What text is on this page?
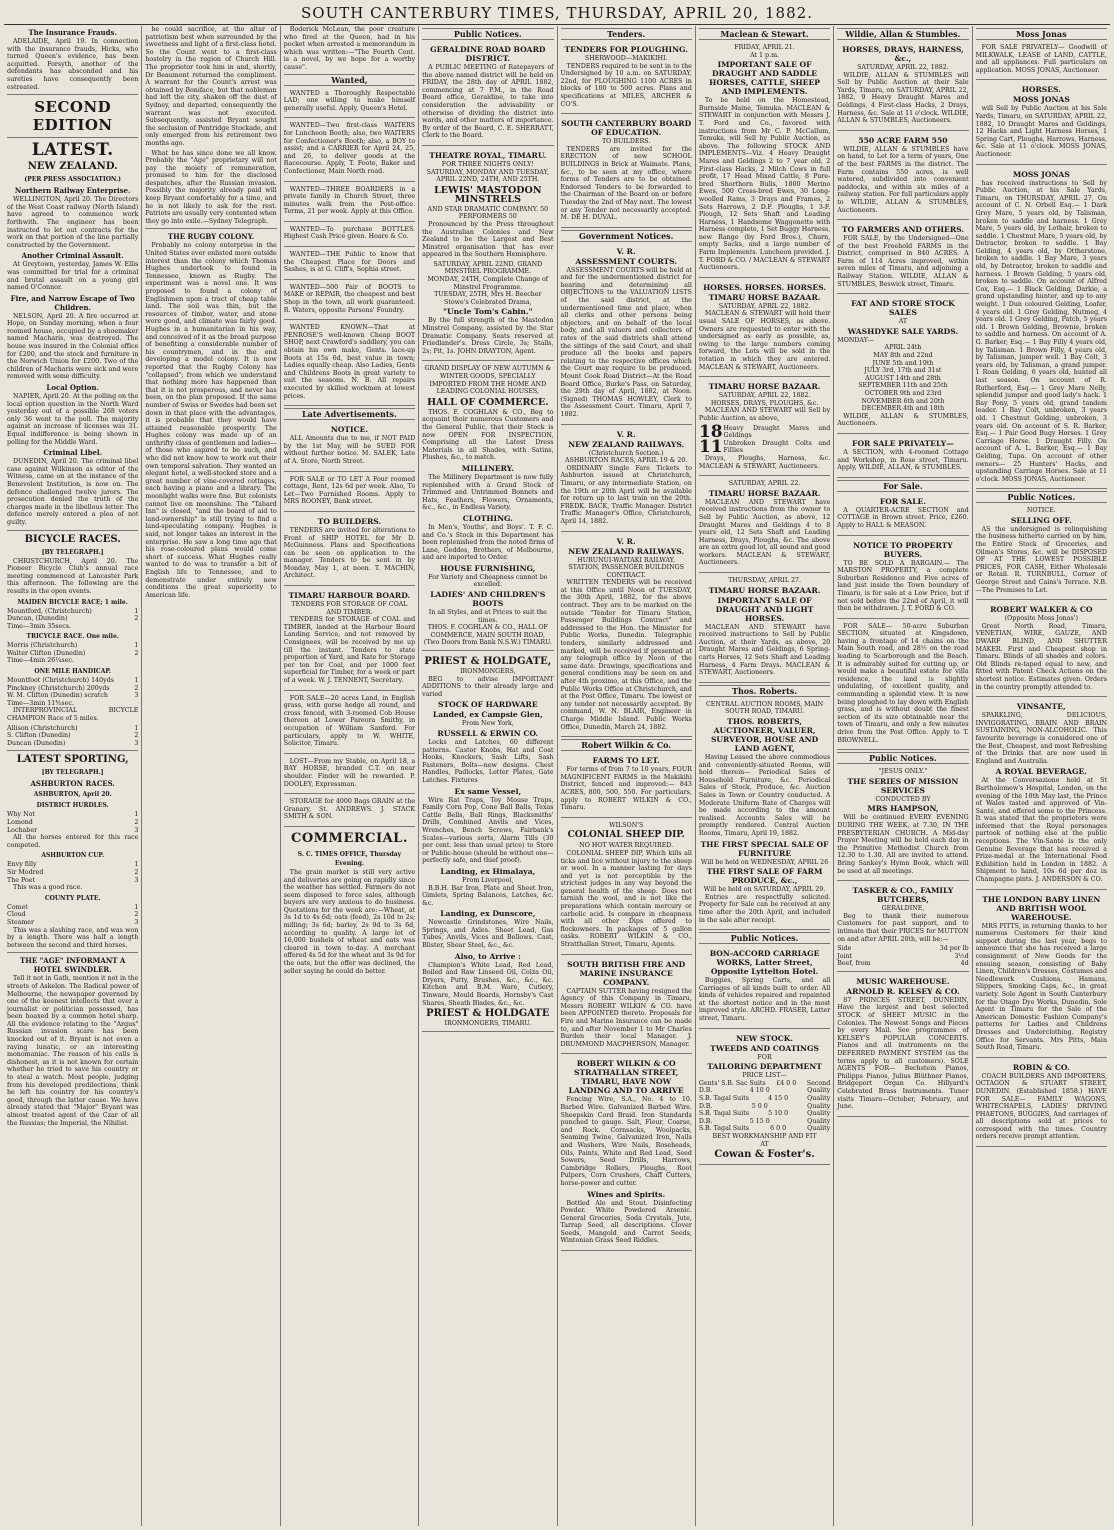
SOUTH CANTERBURY TIMES, THURSDAY, APRIL 20, 1882.
The Insurance Frauds.

ADELAIDE, April 19. In connection with the insurance frauds, Hicks, who turned Queen's evidence, has been acquitted. Forsyth, another of the defendants has absconded and his sureties have consequently been estreated.

SECOND EDITION
LATEST.
NEW ZEALAND.
(PER PRESS ASSOCIATION.)
Northern Railway Enterprise.

WELLINGTON, April 20. The Directors of the West Coast railway (North Island) have agreed to commence work forthwith. The engineer has been instructed to let out contracts for the work on that portion of the line partially constructed by the Government.

Another Criminal Assault.

At Greytown, yesterday, James W. Ellis was committed for trial for a criminal and brutal assault on a young girl named O'Connor.

Fire, and Narrow Escape of Two Children.

NELSON, April 20. A fire occurred at Hope, on Sunday morning, when a four roomed house, occupied by a shoemaker named Macharis, was destroyed. The house was insured in the Colonial office for £200, and the stock and furniture in the Norwich Union for £200. Two of the children of Macharis were sick and were removed with some difficulty.

Local Option.

NAPIER, April 20. At the polling on the local option question in the North Ward yesterday out of a possible 268 voters only 36 went to the poll. The majority against an increase of licenses was 31. Equal indifference is being shown in polling for the Middle Ward.

Criminal Libel.

DUNEDIN, April 20. The criminal libel case against Wilkinson as editor of the Witness, came on at the instance of the Benevolent Institution, is now on. The defence challenged twelve jurors. The prosecution denied the truth of the charges made in the libellous letter. The defence merely entered a plea of not guilty.

BICYCLE RACES.
[BY TELEGRAPH.]

CHRISTCHURCH, April 20. The Pioneer Bicycle Club's annual race meeting commenced at Lancaster Park this afternoon. The following are the results in the open events.

MAIDEN BICYCLE RACE; 1 mile.
Mountford, (Christchurch)	1
Duncan, (Dunedin)	2
Time—3min 35secs.
TRICYCLE RACE. One mile.
Morris (Christchurch)	1
Walter Clifton (Dunedin)	2
Time—4min 26¼sec.
ONE MILE HANDICAP.
Mountfoot (Christchurch) 140yds	1
Pinckney (Christchurch) 200yds	2
W. M. Clifton (Dunedin) scratch	3
Time—3min 11⅘sec.

INTERPROVINCIAL BICYCLE CHAMPION Race of 5 miles.

Allison (Christchurch)	1
S. Clifton (Dunedin)	2
Duncan (Dunedin)	3
LATEST SPORTING,
[BY TELEGRAPH.]
ASHBURTON RACES.
ASHBURTON, April 20.
DISTRICT HURDLES.
Why Not	1
Lomond	2
Lochaber	3

All the horses entered for this race competed.

ASHBURTON CUP.
Envy filly	1
Sir Modred	2
The Poet	3

This was a good race.

COUNTY PLATE.
Comet	1
Cloud	2
Steamer	3

This was a slashing race, and was won by a length. There was half a length between the second and third horses.

THE "AGE" INFORMANT A HOTEL SWINDLER.

Tell it not in Gath, mention it not in the streets of Askelon. The Radical power of Melbourne, the newspaper governed by one of the keenest intellects that ever a journalist or politician possessed, has been hoaxed by a common hotel sharp. All the evidence relating to the "Argus" Russian invasion scare has been knocked out of it. Bryant is not even a raving lunatic, or an interesting monomaniac. The reason of his calls is dishonest, as it is not known for certain whether he tried to save his country or to steal a watch. Most people, judging from his developed predilections, think he left his country for his country's good, through the latter cause. We have already stated that "Major" Bryant was almost treated agent of the Czar of all the Russias; the Imperial, the Nihilist.

he could sacrifice, at the altar of patriotism best when surrounded by the sweetness and light of a first-class hotel. So the Count went to a first-class hostelry in the region of Church Hill. The proprietor took him in and, shortly, Dr Beaumont returned the compliment. A warrant for the Count's arrest was obtained by Boniface, but that nobleman had left the city, shaken off the dust of Sydney, and departed, consequently the warrant was not executed. Subsequently, assisted Bryant sought the seclusion of Pentridge Stockade, and only emerged from his retirement two months ago.

What he has since done we all know. Probably the "Age" proprietary will not pay the moiety of remuneration, promised to him for the disclosed despatches, after the Russian invasion. Possibly the majority already paid will keep Bryant comfortably for a time, and he is not likely to ask for the rest. Patriots are usually very contented when they go into exile.—Sydney Telegraph.

THE RUGBY COLONY.

Probably no colony enterprise in the United States ever enlisted more outside interest than the colony which Thomas Hughes undertook to found in Tennessee, known as Rugby. The experiment was a novel one. It was proposed to found a colony of Englishmen upon a tract of cheap table land. The soil was thin, but the resources of timber, water, and stone were good, and climate was fairly good. Hughes in a humanitarian in his way, and conceived of it as the broad purpose of benefiting a considerable number of his countrymen, and in the end developing a model colony. It is now reported that the Rugby Colony has "collapsed"; from which we understand that nothing more has happened than that it is not prosperous, and never has been, on the plan proposed. If the same number of Swiss or Swedes had been set down in that place with the advantages, it is probable that they would have attained reasonable prosperity. The Hughes colony was made up of an unthrifty class of gentlemen and ladies—of those who aspired to be such, and who did not know how to work out their own temporal salvation. They wanted an elegant hotel, a well-stocked store and a great number of vine-covered cottages, each having a piano and a library. The moonlight walks were fine. But colonists cannot live on moonshine. The "Tabard Inn" is closed, "and the board of aid to land-ownership" is still trying to find a land-speculating company. Hughes is said, not longer takes an interest in the enterprise. He saw a long time ago that his rose-coloured plans would come short of success. What Hughes really wanted to do was to transfer a bit of English life to Tennessee, and to demonstrate under entirely new conditions the great superiority to American life.

Roderick McLean, the poor creature who fired at the Queen, had in his pocket when arrested a memorandum in which was written:—"The Fourth Cent. is a novel, by we hope for a worthy cause".

Wanted,

WANTED a Thoroughly Respectable LAD; one willing to make himself generally useful. Apply, Queen's Hotel.

WANTED—Two first-class WAITERS for Luncheon Booth; also, two WAITERS for Confectioner's Booth; also, a BOY to assist; and a CARRIER for April 24, 25, and 26, to deliver goods at the Racecourse. Apply, T. Foote, Baker and Confectioner, Main North road.

WANTED—THREE BOARDERS in a private family in Church Street, three minutes walk from the Post-office. Terms, 21 per week. Apply at this Office.

WANTED—To purchase BOTTLES. Highest Cash Price given. Hoare & Co.

WANTED—THE Public to know that the Cheapest Place for Doors and Sashes, is at G. Cliff's, Sophia street.

WANTED—500 Pair of BOOTS to MAKE or REPAIR, the cheapest and best Shop in the town, all work guaranteed. R. Waters, opposite Parsons' Foundry.

WANTED KNOWN—That at PENROSE'S well-known Cheap BOOT SHOP, next Crawford's saddlery, you can obtain his own make, Gents. lace-up Boots at 15s 6d, best value in town; Ladies equally cheap. Also Ladies, Gents and Childrens Boots in great variety to suit the seasons. N. B. All repairs executed by skilled workmen at lowest prices.

Late Advertisements.
NOTICE.

ALL Amounts due to me, if NOT PAID by the 1st May, will be SUED FOR without further notice. M. SALEK, Late of A. Store, North Street.

FOR SALE or TO LET A Four roomed cottage, Rent, 12s 6d per week. Also, To Let—Two Furnished Rooms. Apply to MRS ROONEY, Bank street.

TO BUILDERS.

TENDERS are invited for alterations to Front of SHIP HOTEL for Mr D. McGuinness. Plans and Specifications can be seen on application to the manager. Tenders to be sent in by Monday, May 1, at noon. T. MACHIN, Architect.

TIMARU HARBOUR BOARD.
TENDERS FOR STORAGE OF COAL AND TIMBER.

TENDERS for STORAGE of COAL and TIMBER, landed at the Harbour Board Landing Service, and not removed by Consignees, will be received by me up till the instant. Tenders to state proportion of Yard, and Rate for Storage per ton for Coal, and per 1000 feet superficial for Timber, for a week or part of a week. W. J. TENNENT, Secretary.

FOR SALE—20 acres Land, in English grass, with gorse hedge all round, and cross fenced, with 3-roomed Cob House thereon at Lower Pareora Smithy, in occupation of William Sanford. For particulars, apply to W. WHITE, Solicitor, Timaru.

LOST—From my Stable, on April 18, a BAY HORSE, branded C.T. on near shoulder. Finder will be rewarded. P. DOOLEY, Expressman.

STORAGE for 4000 Bags GRAIN at the Granary, St. ANDREWS. J. STACK SMITH & SON.

COMMERCIAL.
S. C. TIMES OFFICE, Thursday Evening.

The grain market is still very active and deliveries are going on rapidly since the weather has settled. Farmers do not seem disposed to force sales, although buyers are very anxious to do business. Quotations for the week are:—Wheat, at 3s 1d to 4s 6d; oats (feed), 2s 10d to 2s; milling; 3s 6d; barley, 2s 9d to 3s 6d, according to quality. A large lot of 16,000 bushels of wheat and oats was cleared in town to-day. A merchant offered 4s 5d for the wheat and 3s 9d for the oats, but the offer was declined, the seller saying he could do better.

Public Notices.
GERALDINE ROAD BOARD DISTRICT.

A PUBLIC MEETING of Ratepayers of the above named district will be held on FRIDAY, the 28th day of APRIL 1882, commencing at 7 P.M., in the Road Board office, Geraldine, to take into consideration the advisability or otherwise of dividing the district into wards, and other matters of importance. By order of the Board, C. E. SHERRATT, Clerk to the Board.

THEATRE ROYAL, TIMARU.
FOR THREE NIGHTS ONLY! SATURDAY, MONDAY AND TUESDAY, APRIL 22ND, 24TH, AND 25TH.
LEWIS' MASTODON MINSTRELS
AND STAR DRAMATIC COMPANY. 50 PERFORMERS 50

Pronounced by the Press throughout the Australian Colonies and New Zealand to be the Largest and Best Minstrel organisation that has ever appeared in the Southern Hemisphere.

SATURDAY, APRIL 22ND, GRAND MINSTREL PROGRAMME.
MONDAY, 24TH, Complete Change of Minstrel Programme.
TUESDAY, 25TH, Mrs H. Beecher Stowe's Celebrated Drama,
"Uncle Tom's Cabin."

By the full strength of the Mastodon Minstrel Company, assisted by the Star Dramatic Company. Seats reserved at Friedlander's. Dress Circle, 3s; Stalls, 2s; Pit, 1s. JOHN DRAYTON, Agent.

GRAND DISPLAY OF NEW AUTUMN & WINTER GOODS, SPECIALLY IMPORTED FROM THE HOME AND LEADING COLONIAL HOUSES,
HALL OF COMMERCE.

THOS. F. COGHLAN & CO., Beg to acquaint their numerous Customers and the General Public, that their Stock is now OPEN FOR INSPECTION, Comprising all the Latest Dress Materials in all Shades, with Satins, Plushes, &c., to match.

MILLINERY.

The Millinery Department is now fully replenished with a Grand Stock of Trimmed and Untrimmed Bonnets and Hats, Feathers, Flowers, Ornaments, &c., &c., in Endless Variety.

CLOTHING.

In Men's, Youths', and Boys'. T. F. C. and Co.'s Stock in this Department has been replenished from the noted firms of Lane, Geddes, Brothers, of Melbourne, and are imported to Order.

HOUSE FURNISHING,
For Variety and Cheapness cannot be excelled.
LADIES' AND CHILDREN'S BOOTS
In all Styles, and at Prices to suit the times.
THOS. F. COGHLAN & CO., HALL OF COMMERCE, MAIN SOUTH ROAD, (Two Doors from Bank N.S.W.) TIMARU.
PRIEST & HOLDGATE,
IRONMONGERS,

BEG to advise IMPORTANT ADDITIONS to their already large and varied

STOCK OF HARDWARE
Landed, ex Campsie Glen,
From New York,
RUSSELL & ERWIN CO.

Locks and Latches, 60 different patterns. Castor Knobs, Hat and Coat Hooks, Knockers, Sash Lifts, Sash Fasteners, Bolts—new designs. Chest Handles, Padlocks, Letter Plates, Gate Latches. Fixtures

Ex same Vessel,

Wire Rat Traps, Toy Mouse Traps, Family Corn Pop, Cone Ball Balls, Texas Cattle Bells, Ball Rings, Blacksmiths' Drills, Combined Anvils and Vices, Wrenches, Bench Screws, Fairbank's Scales—various sorts, Alarm Tills (30 per cent. less than usual price) to Store or Public-house (should be without one—perfectly safe, and thief proof).

Landing, ex Himalaya,
From Liverpool,

B.B.H. Bar Iron, Plate and Sheet Iron, Gimlets, Spring Balances, Latches, &c. &c.

Landing, ex Dunscore,

Newcastle Grindstones, Wire Nails, Springs, and Axles. Sheet Lead, Gas Tubes, Anvils, Vices and Bellows. Cast, Blister, Shear Steel, &c., &c.

Also, to Arrive :

Champion's White Lead, Red Lead, Boiled and Raw Linseed Oil, Colza Oil, Dryers, Putty, Brushes, &c., &c., &c. Kitchen and B.M. Ware, Cutlery, Tinware, Mould Boards, Hornsby's Cast Shares, Sheath Blades, &c., &c.

PRIEST & HOLDGATE
IRONMONGERS, TIMARU.
Tenders.
TENDERS FOR PLOUGHING.
SHERWOOD—MAKIKIHI.

TENDERS required to be sent in to the Undersigned by 10 a.m. on SATURDAY, 22nd, for PLOUGHING 1100 ACRES in blocks of 100 to 500 acres. Plans and specifications at MILES, ARCHER & CO'S.

SOUTH CANTERBURY BOARD OF EDUCATION.
TO BUILDERS.

TENDERS are invited for the ERECTION of new SCHOOL BUILDINGS in Brick at Waimate. Plans, &c., to be seen at my office, where forms of Tenders are to be obtained. Endorsed Tenders to be forwarded to the Chairman of the Board on or before Tuesday the 2nd of May next. The lowest or any Tender not necessarily accepted. M. DE H. DUVAL.

Government Notices.
V. R.
ASSESSMENT COURTS.

ASSESSMENT COURTS will be held at and for the undermentioned district for hearing and determining all OBJECTIONS to the VALUATION LISTS of the said district, at the undermentioned time and place, when all clerks and other persons being objectors, and on behalf of the local body, and all valuers and collectors of rates of the said districts shall attend the sittings of the said Court, and shall produce all the books and papers relating to the respective offices which the Court may require to be produced. Mount Cook Road District—At the Road Board Office, Burke's Pass, on Saturday, the 29th day of April, 1882, at Noon. (Signed) THOMAS HOWLEY, Clerk to the Assessment Court. Timaru, April 7, 1882.

V. R.
NEW ZEALAND RAILWAYS.
(Christchurch Section.)
ASHBURTON RACES, APRIL 19 & 20.

ORDINARY Single Fare Tickets to Ashburton issued at Christchurch, Timaru, or any intermediate Station, on the 19th or 20th April will be available for return up to last train on the 20th. FREDK. BACK, Traffic Manager. District Traffic Manager's Office, Christchurch, April 14, 1882.

V. R.
NEW ZEALAND RAILWAYS.
HURUNUI-WAITAKI RAILWAY.
STATION, PASSENGER BUILDINGS CONTRACT.

WRITTEN TENDERS will be received at this Office until Noon of TUESDAY, the 30th April, 1882, for the above contract. They are to be marked on the outside "Tender for Timaru Station, Passenger Buildings Contract" and addressed to the Hon. the Minister for Public Works, Dunedin. Telegraphic tenders, similarly addressed and marked, will be received if presented at any telegraph office by Noon of the same date. Drawings, specifications and general conditions may be seen on and after 4th proximo, at this Office, and the Public Works Office at Christchurch, and at the Post Office, Timaru. The lowest or any tender not necessarily accepted. By command, W. N. BLAIR, Engineer in Charge Middle Island. Public Works Office, Dunedin, March 24, 1882.

Robert Wilkin & Co.
FARMS TO LET.

For terms of from 7 to 10 years, FOUR MAGNIFICENT FARMS in the Makikihi District, fenced and improved:— 843 ACRES, 800, 500, 550. For particulars, apply to ROBERT WILKIN & CO., Timaru.

WILSON'S
COLONIAL SHEEP DIP.
NO HOT WATER REQUIRED.

COLONIAL SHEEP DIP, Which kills all ticks and lice without injury to the sheep or wool. In a manner lasting for days and yet is not perceptible by the strictest judges in any way beyond the general health of the sheep. Does not tarnish the wool, and is not like the preparations which contain mercury or carbolic acid. Is compare in cheapness with all other Dips offered to flockowners. In packages of 5 gallon casks. ROBERT WILKIN & CO., Stratthallan Street, Timaru, Agents.

SOUTH BRITISH FIRE AND MARINE INSURANCE COMPANY.

CAPTAIN SUTTER having resigned the Agency of this Company in Timaru, Messrs ROBERT WILKIN & CO. have been APPOINTED thereto. Proposals for Fire and Marine Insurance can be made to, and after November 1 to Mr Charles Burden their local Manager. J. DRUMMOND MACPHERSON, Manager.

ROBERT WILKIN & CO STRATHALLAN STREET, TIMARU, HAVE NOW LANDING AND TO ARRIVE

Fencing Wire, S.A., No. 4 to 10. Barbed Wire. Galvanized Barbed Wire. Sheepskin Cord Braid. Iron Standards punched to gauge. Salt, Flour, Coarse, and Rock. Cornsacks, Woolpacks, Seaming Twine, Galvanized Iron, Nails and Washers, Wire Nails, Roseheads, Oils, Paints, White and Red Lead, Seed Sowers, Seed Drills, Harrows, Cambridge Rollers, Ploughs, Root Pulpers, Corn Crushers, Chaff Cutters, horse-power and cutter.

Wines and Spirits.

Bottled Ale and Stout. Disinfecting Powder. White Powdered Arsenic. General Groceries, Soda Crystals, Jute, Tarrap Seed, all descriptions. Clover Seeds, Mangold and Carrot Seeds, Wintonian Grass Seed Riddles.

Maclean & Stewart.
FRIDAY, APRIL 21.
At 1 p.m.
IMPORTANT SALE OF DRAUGHT AND SADDLE HORSES, CATTLE, SHEEP AND IMPLEMENTS.

To be held on the Homestead, Burnside Maine, Temuka. MACLEAN & STEWART in conjunction with Messrs J. T. Ford and Co., favored with instructions from Mr C. P. McCallum, Temuka, will Sell by Public Auction, as above. The following STOCK AND IMPLEMENTS—Viz. 4 Heavy Draught Mares and Geldings 2 to 7 year old, 2 First-class Hacks, 2 Milch Cows in full profit, 17 Head Mixed Cattle, 8 Pure-bred Shorthorn Bulls, 1800 Merino Ewes, 500 Cross-bred Ewes, 30 Long-woolled Rams, 3 Drays and Frames, 2 Sets Harrows, 2 D.F. Ploughs, 1 3-F. Plough, 12 Sets Shaft and Leading Harness, 1 Handsome Waggonette with Harness complete, 1 Set Buggy Harness, new Range (by Ford Bros.), Churn, empty Sacks, and a large number of Farm Implements. Luncheon provided. J. T. FORD & CO. / MACLEAN & STEWART Auctioneers.

HORSES. HORSES. HORSES.
TIMARU HORSE BAZAAR.
SATURDAY, APRIL 22, 1882.

MACLEAN & STEWART will hold their usual SALE OF HORSES, as above. Owners are requested to enter with the undersigned as early as possible, as, owing to the large numbers coming forward, the Lots will be sold in the rotation in which they are entered. MACLEAN & STEWART, Auctioneers.

TIMARU HORSE BAZAAR.
SATURDAY, APRIL 22, 1882.
HORSES, DRAYS, PLOUGHS, &c.

MACLEAN AND STEWART will Sell by Public Auction, as above,

18 Heavy Draught Mares and Geldings
11 Unbroken Draught Colts and Fillies

Drays, Ploughs, Harness, &c. MACLEAN & STEWART, Auctioneers.

SATURDAY, APRIL 22.
TIMARU HORSE BAZAAR.

MACLEAN AND STEWART have received instructions from the owner to Sell by Public Auction, as above, 12 Draught Mares and Geldings 4 to 8 years old, 12 Sets Shaft and Leading Harness, Drays, Ploughs, &c. The above are an extra good lot, all sound and good workers. MACLEAN & STEWART, Auctioneers.

THURSDAY, APRIL 27.
TIMARU HORSE BAZAAR.
IMPORTANT SALE OF DRAUGHT AND LIGHT HORSES.

MACLEAN AND STEWART have received instructions to Sell by Public Auction, at their Yards, as above, 20 Draught Mares and Geldings, 6 Spring-carts Horses, 12 Sets Shaft and Leading Harness, 4 Farm Drays. MACLEAN & STEWART, Auctioneers.

Thos. Roberts.
CENTRAL AUCTION ROOMS, MAIN SOUTH ROAD, TIMARU.
THOS. ROBERTS, AUCTIONEER, VALUER, SURVEYOR, HOUSE AND LAND AGENT,

Having Leased the above commodious and conveniently-situated Rooms, will hold therein— Periodical Sales of Household Furniture, &c. Periodical Sales of Stock, Produce, &c. Auction Sales in Town or Country conducted. A Moderate Uniform Rate of Charges will be made according to the amount realised. Accounts Sales will be promptly rendered. Central Auction Rooms, Timaru, April 19, 1882.

THE FIRST SPECIAL SALE OF FURNITURE
Will be held on WEDNESDAY, APRIL 26
THE FIRST SALE OF FARM PRODUCE, &c.,
Will be held on SATURDAY, APRIL 29.

Entries are respectfully solicited. Property for Sale can be received at any time after the 20th April, and included in the sale after receipt.

Public Notices.
BON-ACCORD CARRIAGE WORKS, Latter Street, Opposite Lyttelton Hotel.

Buggies, Spring Carts, and all Carriages of all kinds built to order. All kinds of vehicles repaired and repainted at the shortest notice and in the most improved style. ARCHD. FRASER, Latter street, Timaru.

NEW STOCK.
TWEEDS AND COATINGS
FOR
TAILORING DEPARTMENT
PRICE LIST—
Gents' S.B. Sac Suits £4 0 0 Second
D.B.	4 10 0	Quality
S.B. Tagal Suits	4 15 0	Quality
D.B.	5 0 0	Quality
S.B. Tagal Suits	5 10 0	Quality
D.B.	5 15 0	Quality
S.B. Tagal Suits	6 0 0	Quality
BEST WORKMANSHIP AND FIT
AT
Cowan & Foster's.
Wildie, Allan & Stumbles.
HORSES, DRAYS, HARNESS, &c.,
SATURDAY, APRIL 22, 1882.

WILDIE, ALLAN & STUMBLES will Sell by Public Auction at their Sale Yards, Timaru, on SATURDAY, APRIL 22, 1882, 9 Heavy Draught Mares and Geldings, 4 First-class Hacks, 2 Drays, Harness, &c. Sale at 11 o'clock. WILDIE, ALLAN & STUMBLES, Auctioneers.

550 ACRE FARM 550

WILDIE, ALLAN & STUMBLES have on hand, to Let for a term of years, One of the best FARMS in the district. The Farm contains 550 acres, is well watered, subdivided into convenient paddocks, and within six miles of a railway station. For full particulars apply to WILDIE, ALLAN & STUMBLES, Auctioneers.

TO FARMERS AND OTHERS.

FOR SALE, by the Undersigned—One of the best Freehold FARMS in the District, comprised in 840 ACRES. A Farm of 114 Acres improved, within seven miles of Timaru, and adjoining a Railway Station. WILDIE, ALLAN & STUMBLES, Beswick street, Timaru.

FAT AND STORE STOCK SALES
AT
WASHDYKE SALE YARDS.
MONDAY—
APRIL 24th
MAY 8th and 22nd
JUNE 5th and 19th
JULY 3rd, 17th and 31st
AUGUST 14th and 28th
SEPTEMBER 11th and 25th
OCTOBER 9th and 23rd
NOVEMBER 6th and 20th
DECEMBER 4th and 18th

WILDIE, ALLAN & STUMBLES, Auctioneers.

FOR SALE PRIVATELY—

A SECTION, with 4-roomed Cottage and Workshop, in Rose street, Timaru. Apply, WILDIE, ALLAN, & STUMBLES.

For Sale.
FOR SALE.

A QUARTER-ACRE SECTION and COTTAGE in Brown street. Price, £260. Apply to HALL & MEASON.

NOTICE TO PROPERTY BUYERS.

TO BE SOLD A BARGAIN.— The MARSTON PROPERTY, a complete Suburban Residence and Five acres of land just inside the Town boundary of Timaru, is for sale at a Low Price, but if not sold before the 22nd of April, it will then be withdrawn. J. T. FORD & CO.

FOR SALE— 50-acre Suburban SECTION, situated at Kingsdown, having a frontage of 14 chains on the Main South road, and 28½ on the road leading to Scarborough and the Beach. It is admirably suited for cutting up, or would make a beautiful estate for villa residence, the land is slightly undulating, of excellent quality, and commanding a splendid view. It is now being ploughed to lay down with English grass, and is without doubt the finest section of its size obtainable near the town of Timaru, and only a few minutes drive from the Post Office. Apply to T. BROWNELL.

Public Notices.
"JESUS ONLY."
THE SERIES OF MISSION SERVICES
CONDUCTED BY
MRS HAMPSON,

Will be continued EVERY EVENING DURING THE WEEK, at 7.30, IN THE PRESBYTERIAN CHURCH. A Mid-day Prayer Meeting will be held each day in the Primitive Methodist Church from 12.30 to 1.30. All are invited to attend. Bring Sankey's Hymn Book, which will be used at all meetings.

TASKER & CO., FAMILY BUTCHERS,
GERALDINE,

Beg to thank their numerous Customers for past support, and to intimate that their PRICES for MUTTON on and after APRIL 20th, will be:—

Side	3d per lb
Joint	3½d
Beef, from	4d
MUSIC WAREHOUSE.
ARNOLD R. KELSEY & CO.

87 PRINCES STREET, DUNEDIN, Have the largest and best selected STOCK of SHEET MUSIC in the Colonies. The Newest Songs and Pieces by every Mail. See programmes of KELSEY'S POPULAR CONCERTS. Pianos and all instruments on the DEFERRED PAYMENT SYSTEM (as the terms apply to all customers). SOLE AGENTS FOR— Bechstein Pianos, Philipps Pianos, Julius Blüthner Pianos, Bridgeport Organ Co. Hillyard's Celebrated Brass Instruments. Tuner visits Timaru—October, February, and June.

Moss Jonas

FOR SALE PRIVATELY— Goodwill of MILKWALK, LEASE of LAND, CATTLE, and all appliances. Full particulars on application. MOSS JONAS, Auctioneer.

HORSES.
MOSS JONAS

will Sell by Public Auction at his Sale Yards, Timaru, on SATURDAY, APRIL 22, 1882, 10 Draught Mares and Geldings, 12 Hacks and Light Harness Horses, 1 Spring Cart, Ploughs, Harrows, Harness, &c. Sale at 11 o'clock. MOSS JONAS, Auctioneer.

MOSS JONAS

has received instructions to Sell by Public Auction, at his Sale Yards, Timaru, on THURSDAY, APRIL 27, On account of C. N. Orbell Esq.— 1 Dark Grey Mare, 5 years old, by Talisman, broken to saddle and harness. 1 Grey Mare, 5 years old, by Lothair, broken to saddle. 1 Chestnut Mare, 5 years old, by Detractor, broken to saddle. 1 Bay Gelding, 4 years old, by Ottherstone, broken to saddle. 1 Bay Mare, 3 years old, by Detractor, broken to saddle and harness. 1 Brown Gelding, 5 years old, broken to saddle. On account of Alfred Cox, Esq.— 1 Black Gelding, Darkie, a grand upstanding hunter, and up to any weight. 1 Dun coloured Gelding, Loafer, 4 years old. 1 Grey Gelding, Nutmeg, 4 years old. 1 Grey Gelding, Patch, 5 years old. 1 Brown Gelding, Brownie, broken to saddle and harness. On account of A. G. Barker, Esq.— 1 Bay Filly 4 years old, by Talisman. 1 Brown Filly, 4 years old, by Talisman, jumper well. 1 Bay Colt, 3 years old, by Talisman, a grand jumper. 1 Roan Gelding, 6 years old, hunted all last season. On account of R. Rutherford, Esq.— 1 Grey Mare Nelly, splendid jumper and good lady's hack. 1 Bay Pony, 5 years old, grand tandem leader. 1 Bay Colt, unbroken, 3 years old. 1 Chestnut Gelding, unbroken, 3 years old. On account of S. R. Barker, Esq.— 1 Pair Good Bugy Horses. 1 Grey Carriage Horse. 1 Draught Filly. On account of A. L. Barker, Esq.— 1 Bay Gelding, Tupa. On account of other owners— 25 Hunters' Hacks, and upstanding Carriage Horses. Sale at 11 o'clock. MOSS JONAS, Auctioneer.

Public Notices.
NOTICE.
SELLING OFF.

AS the undersigned is relinquishing the business hitherto carried on by him, the Entire Stock of Groceries, and Oilmen's Stores, &c. will be DISPOSED OF AT THE LOWEST POSSIBLE PRICES, FOR CASH, Either Wholesale or Retail. R. TURNBULL, Corner of George Street and Cains's Terrace. N.B.—The Premises to Let.

ROBERT WALKER & CO
(Opposite Moss Jonas')

Great North Road, Timaru, VENETIAN, WIRE, GAUZE, AND DWARF BLIND, AND SHUTTER MAKER. First and Cheapest shop in Timaru. Blinds of all shades and colors. Old Blinds re-taped equal to new, and fitted with Patent Check Actions on the shortest notice. Estimates given. Orders in the country promptly attended to.

VINSANTE,

SPARKLING, DELICIOUS, INVIGORATING, BRAIN AND BRAIN SUSTAINING, NON-ALCOHOLIC. This favourite beverage is considered one of the Best, Cheapest, and most Refreshing of the Drinks that are now used in England and Australia.

A ROYAL BEVERAGE.

At the Conversazione held at St Bartholomew's Hospital, London, on the evening of the 10th May last, the Prince of Wales tasted and approved of Vin-Santé, and offered some to the Princess. It was stated that the proprietors were informed that the Royal personages partook of nothing else at the public receptions. The Vin-Santé is the only Genuine Beverage that has received a Prize-medal at the International Food Exhibition held in London in 1882. A Shipment to hand, 10s 6d per doz in Champagne pints. J. ANDERSON & CO.

THE LONDON BABY LINEN AND BRITISH WOOL WAREHOUSE.

MRS PITTS, in returning thanks to her numerous Customers for their kind support during the last year, begs to announce that she has received a large consignment of New Goods for the ensuing season, consisting of Baby Linen, Children's Dresses, Costumes and Needlework Cushions, Hamans, Slippers, Smoking Caps, &c., in great variety. Sole Agent in South Canterbury for the Otago Dye Works, Dunedin. Sole Agent in Timaru for the Sale of the American Domestic Fashion Company's patterns for Ladies and Childrens Dresses and Underclothing. Registry Office for Servants. Mrs Pitts, Main South Road, Timaru.

ROBIN & CO.

COACH BUILDERS AND IMPORTERS, OCTAGON & STUART STREET, DUNEDIN. (Established 1858.) HAVE FOR SALE— FAMILY WAGONS, WHITECHAPELS, LADIES' DRIVING PHAETONS, BUGGIES, And carriages of all descriptions sold at prices to correspond with the times. Country orders receive prompt attention.
